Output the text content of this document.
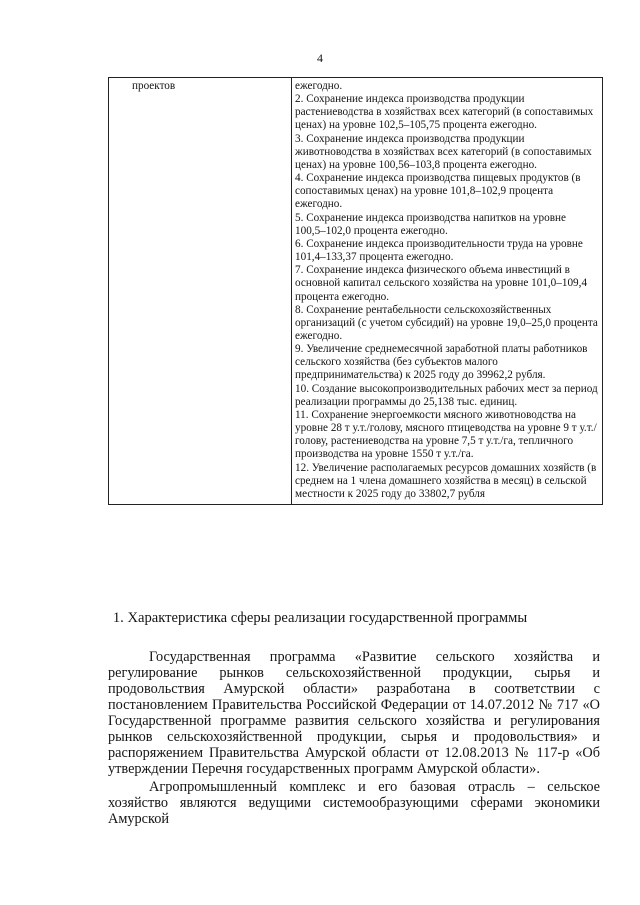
4
проектов	ежегодно.

2. Сохранение индекса производства продукции растениеводства в хозяйствах всех категорий (в сопоставимых ценах) на уровне 102,5–105,75 процента ежегодно.

3. Сохранение индекса производства продукции животноводства в хозяйствах всех категорий (в сопоставимых ценах) на уровне 100,56–103,8 процента ежегодно.

4. Сохранение индекса производства пищевых продуктов (в сопоставимых ценах) на уровне 101,8–102,9 процента ежегодно.

5. Сохранение индекса производства напитков на уровне 100,5–102,0 процента ежегодно.

6. Сохранение индекса производительности труда на уровне 101,4–133,37 процента ежегодно.

7. Сохранение индекса физического объема инвестиций в основной капитал сельского хозяйства на уровне 101,0–109,4 процента ежегодно.

8. Сохранение рентабельности сельскохозяйственных организаций (с учетом субсидий) на уровне 19,0–25,0 процента ежегодно.

9. Увеличение среднемесячной заработной платы работников сельского хозяйства (без субъектов малого предпринимательства) к 2025 году до 39962,2 рубля.

10. Создание высокопроизводительных рабочих мест за период реализации программы до 25,138 тыс. единиц.

11. Сохранение энергоемкости мясного животноводства на уровне 28 т у.т./голову, мясного птицеводства на уровне 9 т у.т./голову, растениеводства на уровне 7,5 т у.т./га, тепличного производства на уровне 1550 т у.т./га.

12. Увеличение располагаемых ресурсов домашних хозяйств (в среднем на 1 члена домашнего хозяйства в месяц) в сельской местности к 2025 году до 33802,7 рубля

1. Характеристика сферы реализации государственной программы

Государственная программа «Развитие сельского хозяйства и регулирование рынков сельскохозяйственной продукции, сырья и продовольствия Амурской области» разработана в соответствии с постановлением Правительства Российской Федерации от 14.07.2012 № 717 «О Государственной программе развития сельского хозяйства и регулирования рынков сельскохозяйственной продукции, сырья и продовольствия» и распоряжением Правительства Амурской области от 12.08.2013 № 117-р «Об утверждении Перечня государственных программ Амурской области».

Агропромышленный комплекс и его базовая отрасль – сельское хозяйство являются ведущими системообразующими сферами экономики Амурской
